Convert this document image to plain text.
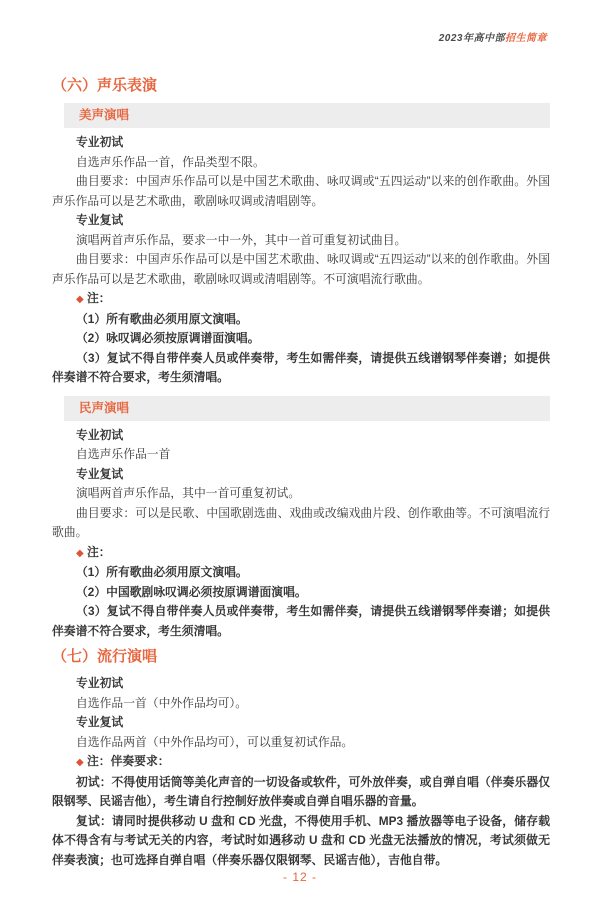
2023年高中部招生简章
（六）声乐表演
美声演唱

专业初试

自选声乐作品一首，作品类型不限。

曲目要求：中国声乐作品可以是中国艺术歌曲、咏叹调或“五四运动”以来的创作歌曲。外国声乐作品可以是艺术歌曲，歌剧咏叹调或清唱剧等。

专业复试

演唱两首声乐作品，要求一中一外，其中一首可重复初试曲目。

曲目要求：中国声乐作品可以是中国艺术歌曲、咏叹调或“五四运动”以来的创作歌曲。外国声乐作品可以是艺术歌曲，歌剧咏叹调或清唱剧等。不可演唱流行歌曲。

◆ 注：

（1）所有歌曲必须用原文演唱。

（2）咏叹调必须按原调谱面演唱。

（3）复试不得自带伴奏人员或伴奏带，考生如需伴奏，请提供五线谱钢琴伴奏谱；如提供伴奏谱不符合要求，考生须清唱。

民声演唱

专业初试

自选声乐作品一首

专业复试

演唱两首声乐作品，其中一首可重复初试。

曲目要求：可以是民歌、中国歌剧选曲、戏曲或改编戏曲片段、创作歌曲等。不可演唱流行歌曲。

◆ 注：

（1）所有歌曲必须用原文演唱。

（2）中国歌剧咏叹调必须按原调谱面演唱。

（3）复试不得自带伴奏人员或伴奏带，考生如需伴奏，请提供五线谱钢琴伴奏谱；如提供伴奏谱不符合要求，考生须清唱。

（七）流行演唱

专业初试

自选作品一首（中外作品均可）。

专业复试

自选作品两首（中外作品均可），可以重复初试作品。

◆ 注：伴奏要求：

初试：不得使用话筒等美化声音的一切设备或软件，可外放伴奏，或自弹自唱（伴奏乐器仅限钢琴、民谣吉他），考生请自行控制好放伴奏或自弹自唱乐器的音量。

复试：请同时提供移动 U 盘和 CD 光盘，不得使用手机、MP3 播放器等电子设备，储存载体不得含有与考试无关的内容，考试时如遇移动 U 盘和 CD 光盘无法播放的情况，考试须做无伴奏表演；也可选择自弹自唱（伴奏乐器仅限钢琴、民谣吉他），吉他自带。

- 12 -
